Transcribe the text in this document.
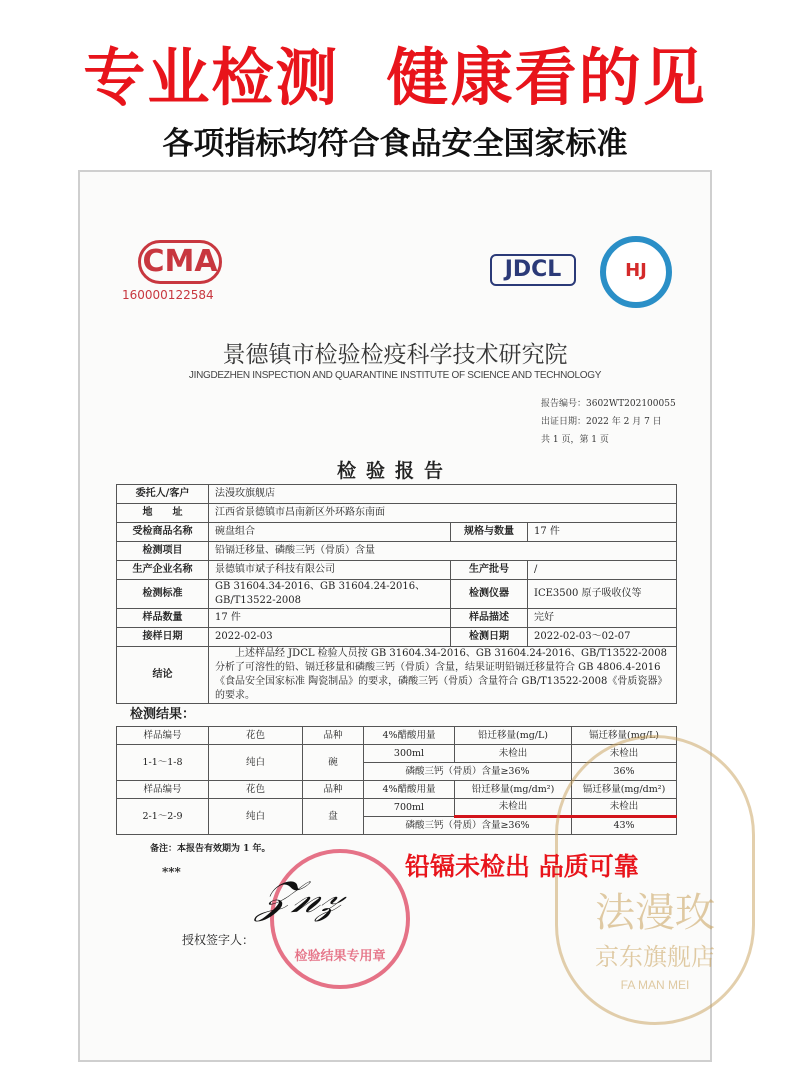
专业检测  健康看的见
各项指标均符合食品安全国家标准
CMA
160000122584
JDCL	HJ
景德镇市检验检疫科学技术研究院
JINGDEZHEN INSPECTION AND QUARANTINE INSTITUTE OF SCIENCE AND TECHNOLOGY
报告编号：3602WT202100055
出证日期：2022 年 2 月 7 日
共 1 页，第 1 页
检验报告
委托人/客户	法漫玫旗舰店		
地　　址	江西省景德镇市昌南新区外环路东南面		
受检商品名称	碗盘组合	规格与数量	17 件
检测项目	铅镉迁移量、磷酸三钙（骨质）含量		
生产企业名称	景德镇市斌子科技有限公司	生产批号	/
检测标准	GB 31604.34-2016、GB 31604.24-2016、GB/T13522-2008	检测仪器	ICE3500 原子吸收仪等
样品数量	17 件	样品描述	完好
接样日期	2022-02-03	检测日期	2022-02-03～02-07
结论	　　上述样品经 JDCL 检验人员按 GB 31604.34-2016、GB 31604.24-2016、GB/T13522-2008 分析了可溶性的铅、镉迁移量和磷酸三钙（骨质）含量，结果证明铅镉迁移量符合 GB 4806.4-2016《食品安全国家标准 陶瓷制品》的要求，磷酸三钙（骨质）含量符合 GB/T13522-2008《骨质瓷器》的要求。		
检测结果：
样品编号	花色	品种	4%醋酸用量	铅迁移量(mg/L)	镉迁移量(mg/L)
1-1～1-8	纯白	碗	300ml	未检出	未检出
			磷酸三钙（骨质）含量≥36%		36%
样品编号	花色	品种	4%醋酸用量	铅迁移量(mg/dm²)	镉迁移量(mg/dm²)
2-1～2-9	纯白	盘	700ml	未检出	未检出
			磷酸三钙（骨质）含量≥36%		43%
法漫玫
京东旗舰店
FA MAN MEI
备注：本报告有效期为 1 年。
***
检验结果专用章
𝒵𝓃𝓏
授权签字人：
铅镉未检出 品质可靠
